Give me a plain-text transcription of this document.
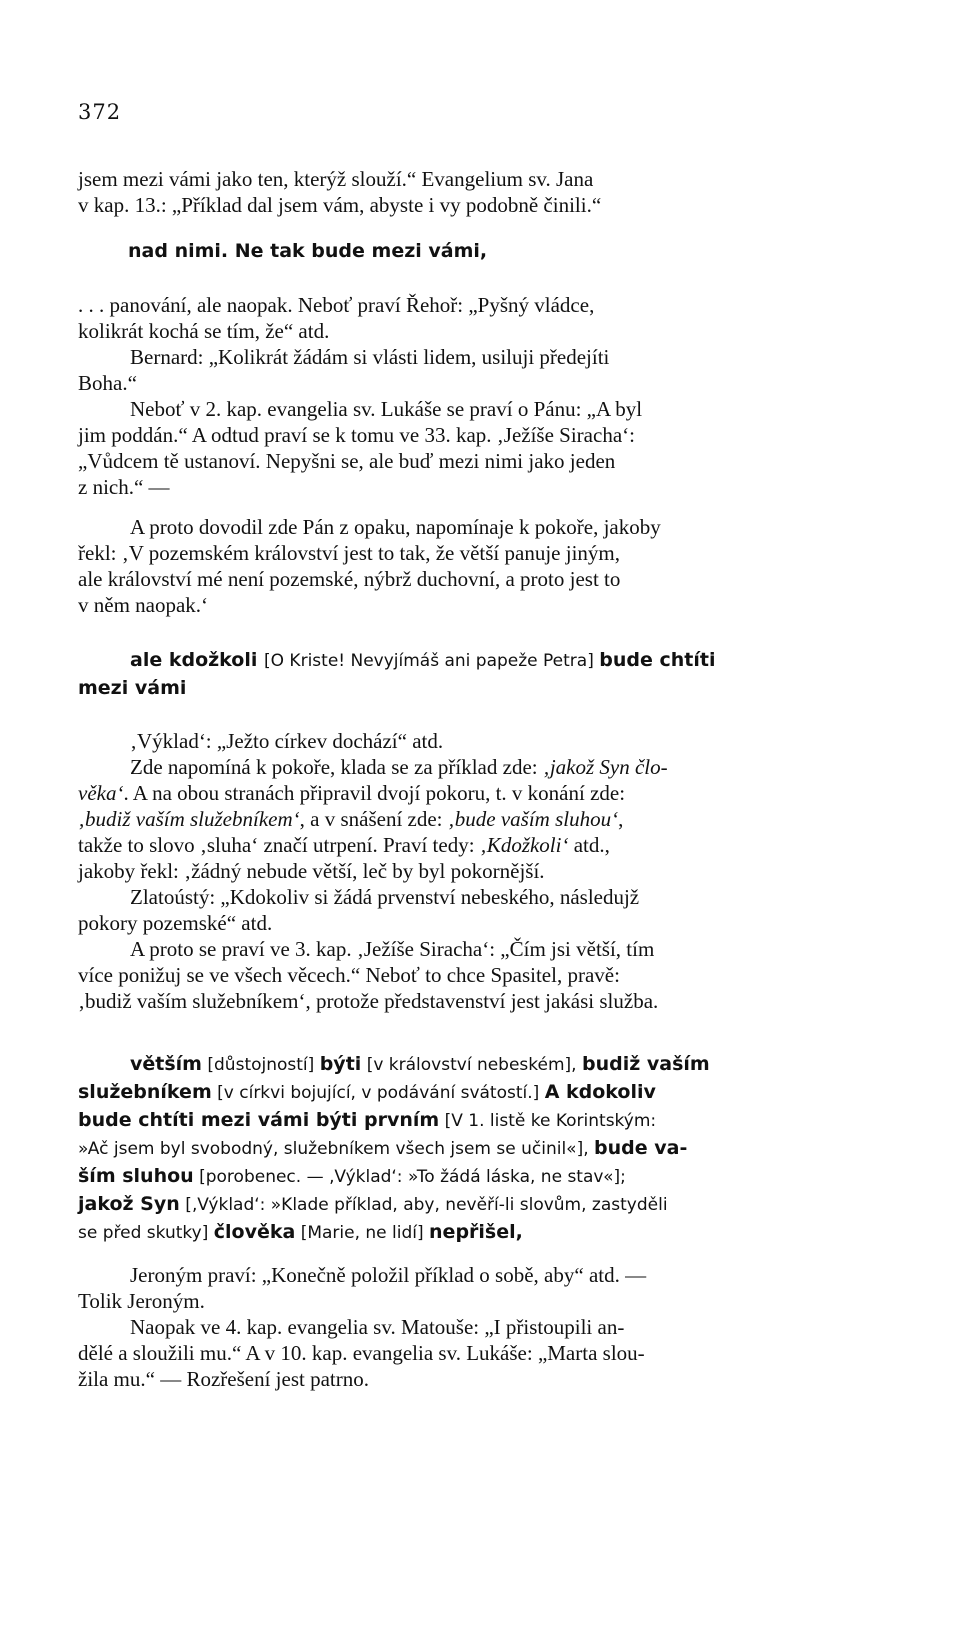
372

jsem mezi vámi jako ten, kterýž slouží.“ Evangelium sv. Jana

v kap. 13.: „Příklad dal jsem vám, abyste i vy podobně činili.“

nad nimi. Ne tak bude mezi vámi,

. . . panování, ale naopak. Neboť praví Řehoř: „Pyšný vládce,

kolikrát kochá se tím, že“ atd.

Bernard: „Kolikrát žádám si vlásti lidem, usiluji předejíti

Boha.“

Neboť v 2. kap. evangelia sv. Lukáše se praví o Pánu: „A byl

jim poddán.“ A odtud praví se k tomu ve 33. kap. ‚Ježíše Siracha‘:

„Vůdcem tě ustanoví. Nepyšni se, ale buď mezi nimi jako jeden

z nich.“ —

A proto dovodil zde Pán z opaku, napomínaje k pokoře, jakoby

řekl: ‚V pozemském království jest to tak, že větší panuje jiným,

ale království mé není pozemské, nýbrž duchovní, a proto jest to

v něm naopak.‘

ale kdožkoli [O Kriste! Nevyjímáš ani papeže Petra] bude chtíti

mezi vámi

‚Výklad‘: „Ježto církev dochází“ atd.

Zde napomíná k pokoře, klada se za příklad zde: ‚jakož Syn člo-

věka‘. A na obou stranách připravil dvojí pokoru, t. v konání zde:

‚budiž vaším služebníkem‘, a v snášení zde: ‚bude vaším sluhou‘,

takže to slovo ‚sluha‘ značí utrpení. Praví tedy: ‚Kdožkoli‘ atd.,

jakoby řekl: ‚žádný nebude větší, leč by byl pokornější.

Zlatoústý: „Kdokoliv si žádá prvenství nebeského, následujž

pokory pozemské“ atd.

A proto se praví ve 3. kap. ‚Ježíše Siracha‘: „Čím jsi větší, tím

více ponižuj se ve všech věcech.“ Neboť to chce Spasitel, pravě:

‚budiž vaším služebníkem‘, protože představenství jest jakási služba.

větším [důstojností] býti [v království nebeském], budiž vaším

služebníkem [v církvi bojující, v podávání svátostí.] A kdokoliv

bude chtíti mezi vámi býti prvním [V 1. listě ke Korintským:

»Ač jsem byl svobodný, služebníkem všech jsem se učinil«], bude va-

ším sluhou [porobenec. — ‚Výklad‘: »To žádá láska, ne stav«];

jakož Syn [‚Výklad‘: »Klade příklad, aby, nevěří-li slovům, zastyděli

se před skutky] člověka [Marie, ne lidí] nepřišel,

Jeroným praví: „Konečně položil příklad o sobě, aby“ atd. —

Tolik Jeroným.

Naopak ve 4. kap. evangelia sv. Matouše: „I přistoupili an-

dělé a sloužili mu.“ A v 10. kap. evangelia sv. Lukáše: „Marta slou-

žila mu.“ — Rozřešení jest patrno.
